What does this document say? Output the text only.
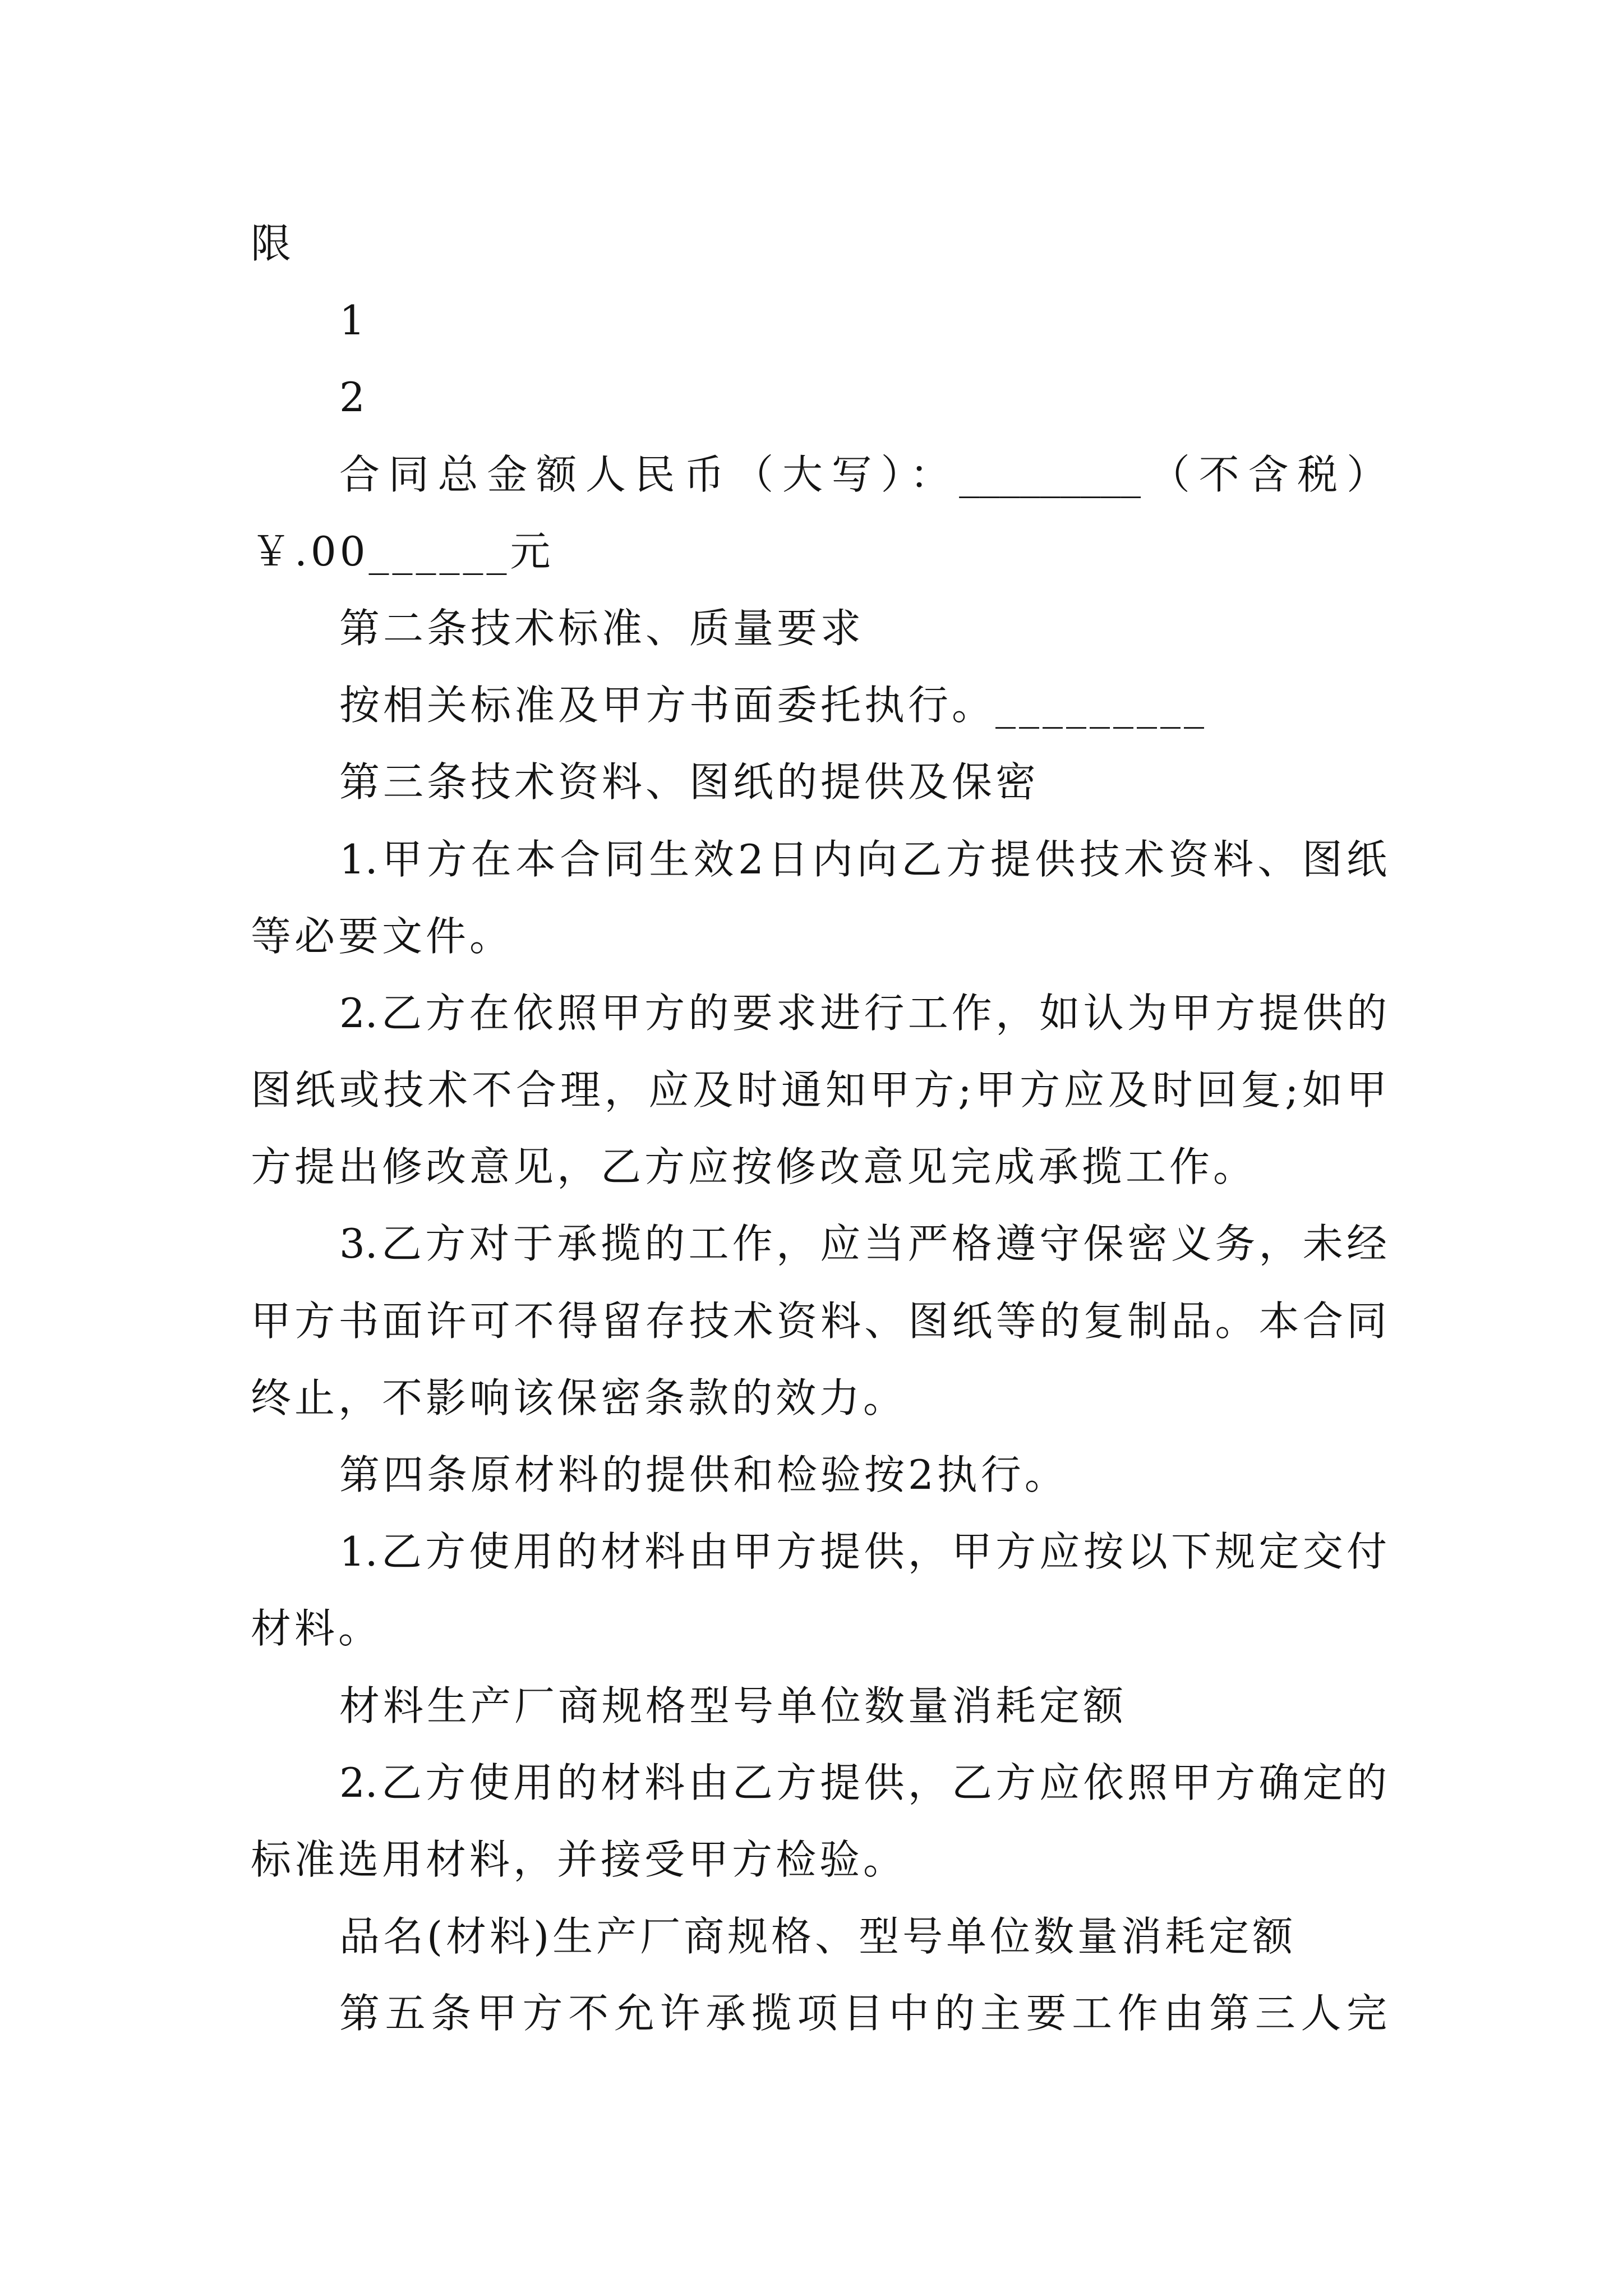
限
1
2
合同总金额人民币（大写）：_________（不含税）
￥.00______元
第二条技术标准、质量要求
按相关标准及甲方书面委托执行。_________
第三条技术资料、图纸的提供及保密
1.甲方在本合同生效2日内向乙方提供技术资料、图纸
等必要文件。
2.乙方在依照甲方的要求进行工作，如认为甲方提供的
图纸或技术不合理，应及时通知甲方;甲方应及时回复;如甲
方提出修改意见，乙方应按修改意见完成承揽工作。
3.乙方对于承揽的工作，应当严格遵守保密义务，未经
甲方书面许可不得留存技术资料、图纸等的复制品。本合同
终止，不影响该保密条款的效力。
第四条原材料的提供和检验按2执行。
1.乙方使用的材料由甲方提供，甲方应按以下规定交付
材料。
材料生产厂商规格型号单位数量消耗定额
2.乙方使用的材料由乙方提供，乙方应依照甲方确定的
标准选用材料，并接受甲方检验。
品名(材料)生产厂商规格、型号单位数量消耗定额
第五条甲方不允许承揽项目中的主要工作由第三人完
